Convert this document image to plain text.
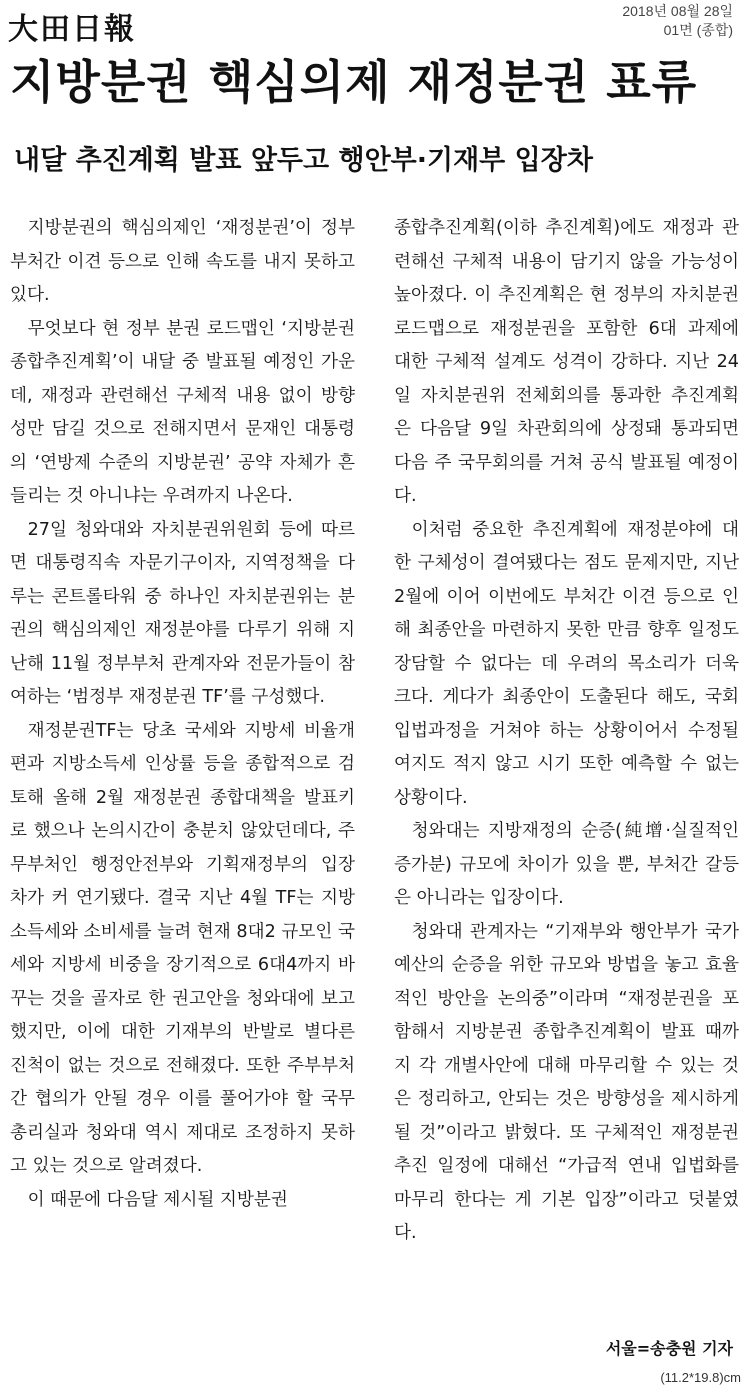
大田日報
2018년 08월 28일
01면 (종합)
지방분권 핵심의제 재정분권 표류
내달 추진계획 발표 앞두고 행안부·기재부 입장차

지방분권의 핵심의제인 ‘재정분권’이 정부부처간 이견 등으로 인해 속도를 내지 못하고 있다.

무엇보다 현 정부 분권 로드맵인 ‘지방분권 종합추진계획’이 내달 중 발표될 예정인 가운데, 재정과 관련해선 구체적 내용 없이 방향성만 담길 것으로 전해지면서 문재인 대통령의 ‘연방제 수준의 지방분권’ 공약 자체가 흔들리는 것 아니냐는 우려까지 나온다.

27일 청와대와 자치분권위원회 등에 따르면 대통령직속 자문기구이자, 지역정책을 다루는 콘트롤타워 중 하나인 자치분권위는 분권의 핵심의제인 재정분야를 다루기 위해 지난해 11월 정부부처 관계자와 전문가들이 참여하는 ‘범정부 재정분권 TF’를 구성했다.

재정분권TF는 당초 국세와 지방세 비율개편과 지방소득세 인상률 등을 종합적으로 검토해 올해 2월 재정분권 종합대책을 발표키로 했으나 논의시간이 충분치 않았던데다, 주무부처인 행정안전부와 기획재정부의 입장 차가 커 연기됐다. 결국 지난 4월 TF는 지방소득세와 소비세를 늘려 현재 8대2 규모인 국세와 지방세 비중을 장기적으로 6대4까지 바꾸는 것을 골자로 한 권고안을 청와대에 보고했지만, 이에 대한 기재부의 반발로 별다른 진척이 없는 것으로 전해졌다. 또한 주부부처간 협의가 안될 경우 이를 풀어가야 할 국무총리실과 청와대 역시 제대로 조정하지 못하고 있는 것으로 알려졌다.

이 때문에 다음달 제시될 지방분권

종합추진계획(이하 추진계획)에도 재정과 관련해선 구체적 내용이 담기지 않을 가능성이 높아졌다. 이 추진계획은 현 정부의 자치분권 로드맵으로 재정분권을 포함한 6대 과제에 대한 구체적 설계도 성격이 강하다. 지난 24일 자치분권위 전체회의를 통과한 추진계획은 다음달 9일 차관회의에 상정돼 통과되면 다음 주 국무회의를 거쳐 공식 발표될 예정이다.

이처럼 중요한 추진계획에 재정분야에 대한 구체성이 결여됐다는 점도 문제지만, 지난 2월에 이어 이번에도 부처간 이견 등으로 인해 최종안을 마련하지 못한 만큼 향후 일정도 장담할 수 없다는 데 우려의 목소리가 더욱 크다. 게다가 최종안이 도출된다 해도, 국회 입법과정을 거쳐야 하는 상황이어서 수정될 여지도 적지 않고 시기 또한 예측할 수 없는 상황이다.

청와대는 지방재정의 순증(純增·실질적인 증가분) 규모에 차이가 있을 뿐, 부처간 갈등은 아니라는 입장이다.

청와대 관계자는 “기재부와 행안부가 국가예산의 순증을 위한 규모와 방법을 놓고 효율적인 방안을 논의중”이라며 “재정분권을 포함해서 지방분권 종합추진계획이 발표 때까지 각 개별사안에 대해 마무리할 수 있는 것은 정리하고, 안되는 것은 방향성을 제시하게 될 것”이라고 밝혔다. 또 구체적인 재정분권 추진 일정에 대해선 “가급적 연내 입법화를 마무리 한다는 게 기본 입장”이라고 덧붙였다.

서울=송충원 기자
(11.2*19.8)cm
